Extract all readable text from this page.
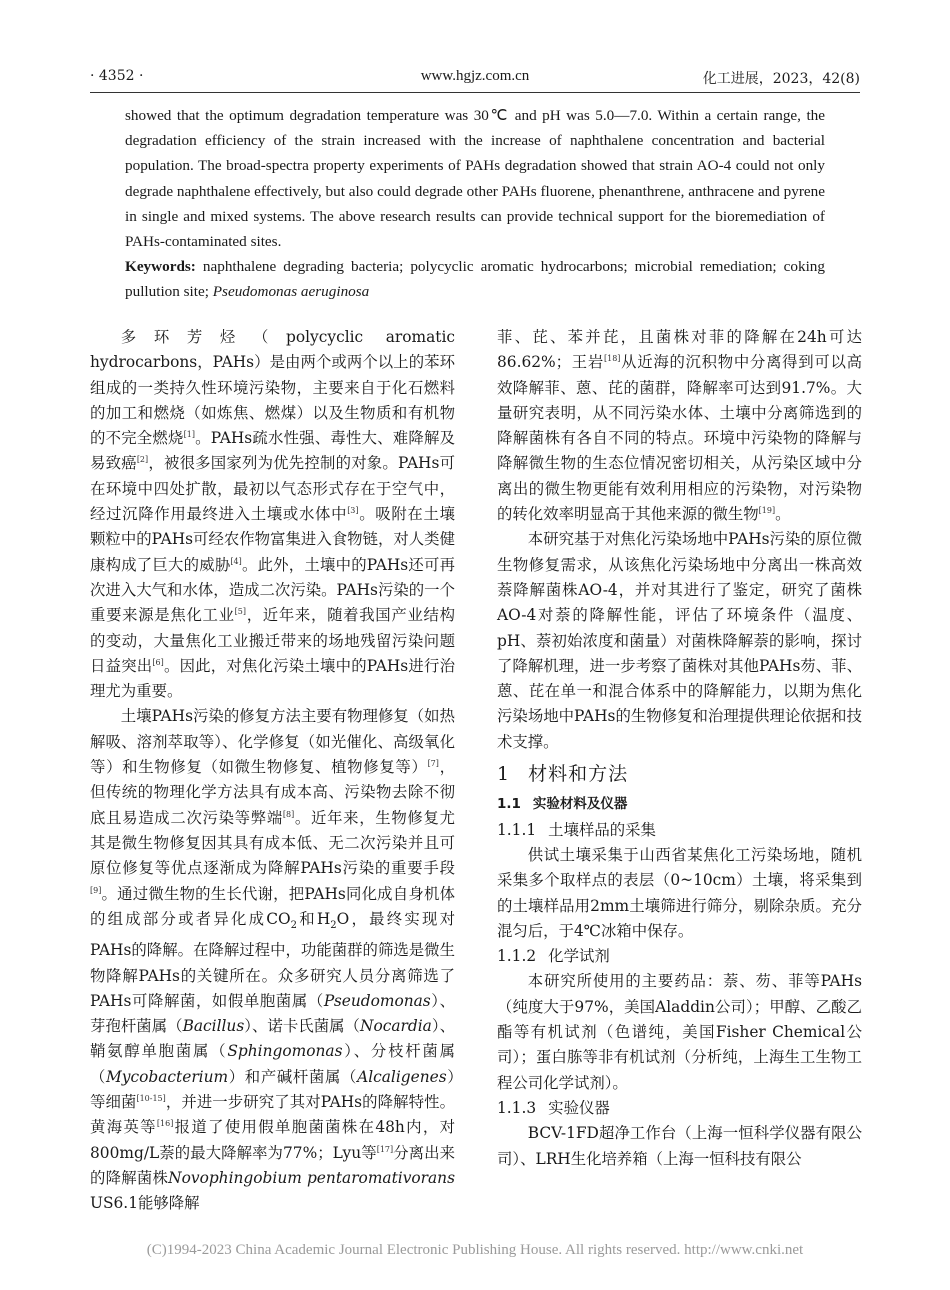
· 4352 ·	www.hgjz.com.cn	化工进展，2023，42(8)

showed that the optimum degradation temperature was 30℃ and pH was 5.0—7.0. Within a certain range, the degradation efficiency of the strain increased with the increase of naphthalene concentration and bacterial population. The broad-spectra property experiments of PAHs degradation showed that strain AO-4 could not only degrade naphthalene effectively, but also could degrade other PAHs fluorene, phenanthrene, anthracene and pyrene in single and mixed systems. The above research results can provide technical support for the bioremediation of PAHs-contaminated sites.

Keywords: naphthalene degrading bacteria; polycyclic aromatic hydrocarbons; microbial remediation; coking pullution site; Pseudomonas aeruginosa

多环芳烃（polycyclic aromatic hydrocarbons，PAHs）是由两个或两个以上的苯环组成的一类持久性环境污染物，主要来自于化石燃料的加工和燃烧（如炼焦、燃煤）以及生物质和有机物的不完全燃烧[1]。PAHs疏水性强、毒性大、难降解及易致癌[2]，被很多国家列为优先控制的对象。PAHs可在环境中四处扩散，最初以气态形式存在于空气中，经过沉降作用最终进入土壤或水体中[3]。吸附在土壤颗粒中的PAHs可经农作物富集进入食物链，对人类健康构成了巨大的威胁[4]。此外，土壤中的PAHs还可再次进入大气和水体，造成二次污染。PAHs污染的一个重要来源是焦化工业[5]，近年来，随着我国产业结构的变动，大量焦化工业搬迁带来的场地残留污染问题日益突出[6]。因此，对焦化污染土壤中的PAHs进行治理尤为重要。

土壤PAHs污染的修复方法主要有物理修复（如热解吸、溶剂萃取等）、化学修复（如光催化、高级氧化等）和生物修复（如微生物修复、植物修复等）[7]，但传统的物理化学方法具有成本高、污染物去除不彻底且易造成二次污染等弊端[8]。近年来，生物修复尤其是微生物修复因其具有成本低、无二次污染并且可原位修复等优点逐渐成为降解PAHs污染的重要手段[9]。通过微生物的生长代谢，把PAHs同化成自身机体的组成部分或者异化成$CO_2$和$H_2O$，最终实现对PAHs的降解。在降解过程中，功能菌群的筛选是微生物降解PAHs的关键所在。众多研究人员分离筛选了PAHs可降解菌，如假单胞菌属（Pseudomonas）、芽孢杆菌属（Bacillus）、诺卡氏菌属（Nocardia）、鞘氨醇单胞菌属（Sphingomonas）、分枝杆菌属（Mycobacterium）和产碱杆菌属（Alcaligenes）等细菌[10-15]，并进一步研究了其对PAHs的降解特性。黄海英等[16]报道了使用假单胞菌菌株在48h内，对800mg/L萘的最大降解率为77%；Lyu等[17]分离出来的降解菌株Novophingobium pentaromativorans US6.1能够降解

菲、芘、苯并芘，且菌株对菲的降解在24h可达86.62%；王岩[18]从近海的沉积物中分离得到可以高效降解菲、蒽、芘的菌群，降解率可达到91.7%。大量研究表明，从不同污染水体、土壤中分离筛选到的降解菌株有各自不同的特点。环境中污染物的降解与降解微生物的生态位情况密切相关，从污染区域中分离出的微生物更能有效利用相应的污染物，对污染物的转化效率明显高于其他来源的微生物[19]。

本研究基于对焦化污染场地中PAHs污染的原位微生物修复需求，从该焦化污染场地中分离出一株高效萘降解菌株AO-4，并对其进行了鉴定，研究了菌株AO-4对萘的降解性能，评估了环境条件（温度、pH、萘初始浓度和菌量）对菌株降解萘的影响，探讨了降解机理，进一步考察了菌株对其他PAHs芴、菲、蒽、芘在单一和混合体系中的降解能力，以期为焦化污染场地中PAHs的生物修复和治理提供理论依据和技术支撑。

1 材料和方法
1.1 实验材料及仪器
1.1.1 土壤样品的采集

供试土壤采集于山西省某焦化工污染场地，随机采集多个取样点的表层（0~10cm）土壤，将采集到的土壤样品用2mm土壤筛进行筛分，剔除杂质。充分混匀后，于4℃冰箱中保存。

1.1.2 化学试剂

本研究所使用的主要药品：萘、芴、菲等PAHs（纯度大于97%，美国Aladdin公司）；甲醇、乙酸乙酯等有机试剂（色谱纯，美国Fisher Chemical公司）；蛋白胨等非有机试剂（分析纯，上海生工生物工程公司化学试剂）。

1.1.3 实验仪器

BCV-1FD超净工作台（上海一恒科学仪器有限公司）、LRH生化培养箱（上海一恒科技有限公

(C)1994-2023 China Academic Journal Electronic Publishing House. All rights reserved. http://www.cnki.net
